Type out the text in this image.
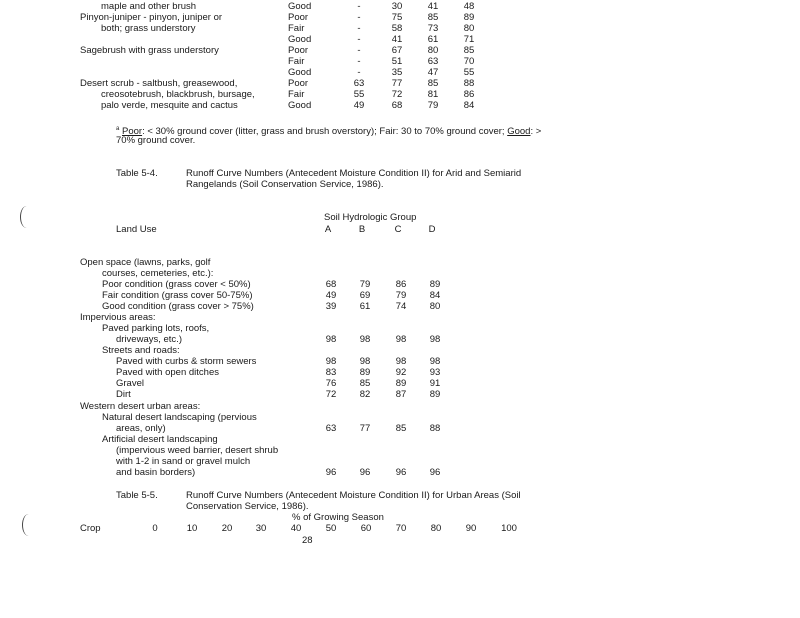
maple and other brush	Good	-	30	41	48
Pinyon-juniper - pinyon, juniper or	Poor	-	75	85	89
both; grass understory	Fair	-	58	73	80
Good	-	41	61	71
Sagebrush with grass understory	Poor	-	67	80	85
Fair	-	51	63	70
Good	-	35	47	55
Desert scrub - saltbush, greasewood,	Poor	63	77	85	88
creosotebrush, blackbrush, bursage,	Fair	55	72	81	86
palo verde, mesquite and cactus	Good	49	68	79	84
$^a$ Poor: < 30% ground cover (litter, grass and brush overstory); Fair: 30 to 70% ground cover; Good: >
70% ground cover.
Table 5-4.	Runoff Curve Numbers (Antecedent Moisture Condition II) for Arid and Semiarid
Rangelands (Soil Conservation Service, 1986).
Soil Hydrologic Group
Land Use	A	B	C	D
Open space (lawns, parks, golf
courses, cemeteries, etc.):
Poor condition (grass cover < 50%)	68	79	86	89
Fair condition (grass cover 50-75%)	49	69	79	84
Good condition (grass cover > 75%)	39	61	74	80
Impervious areas:
Paved parking lots, roofs,
driveways, etc.)	98	98	98	98
Streets and roads:
Paved with curbs & storm sewers	98	98	98	98
Paved with open ditches	83	89	92	93
Gravel	76	85	89	91
Dirt	72	82	87	89
Western desert urban areas:
Natural desert landscaping (pervious
areas, only)	63	77	85	88
Artificial desert landscaping
(impervious weed barrier, desert shrub
with 1-2 in sand or gravel mulch
and basin borders)	96	96	96	96
Table 5-5.	Runoff Curve Numbers (Antecedent Moisture Condition II) for Urban Areas (Soil
Conservation Service, 1986).
% of Growing Season
Crop	0	10	20	30	40	50	60	70	80	90	100
28
